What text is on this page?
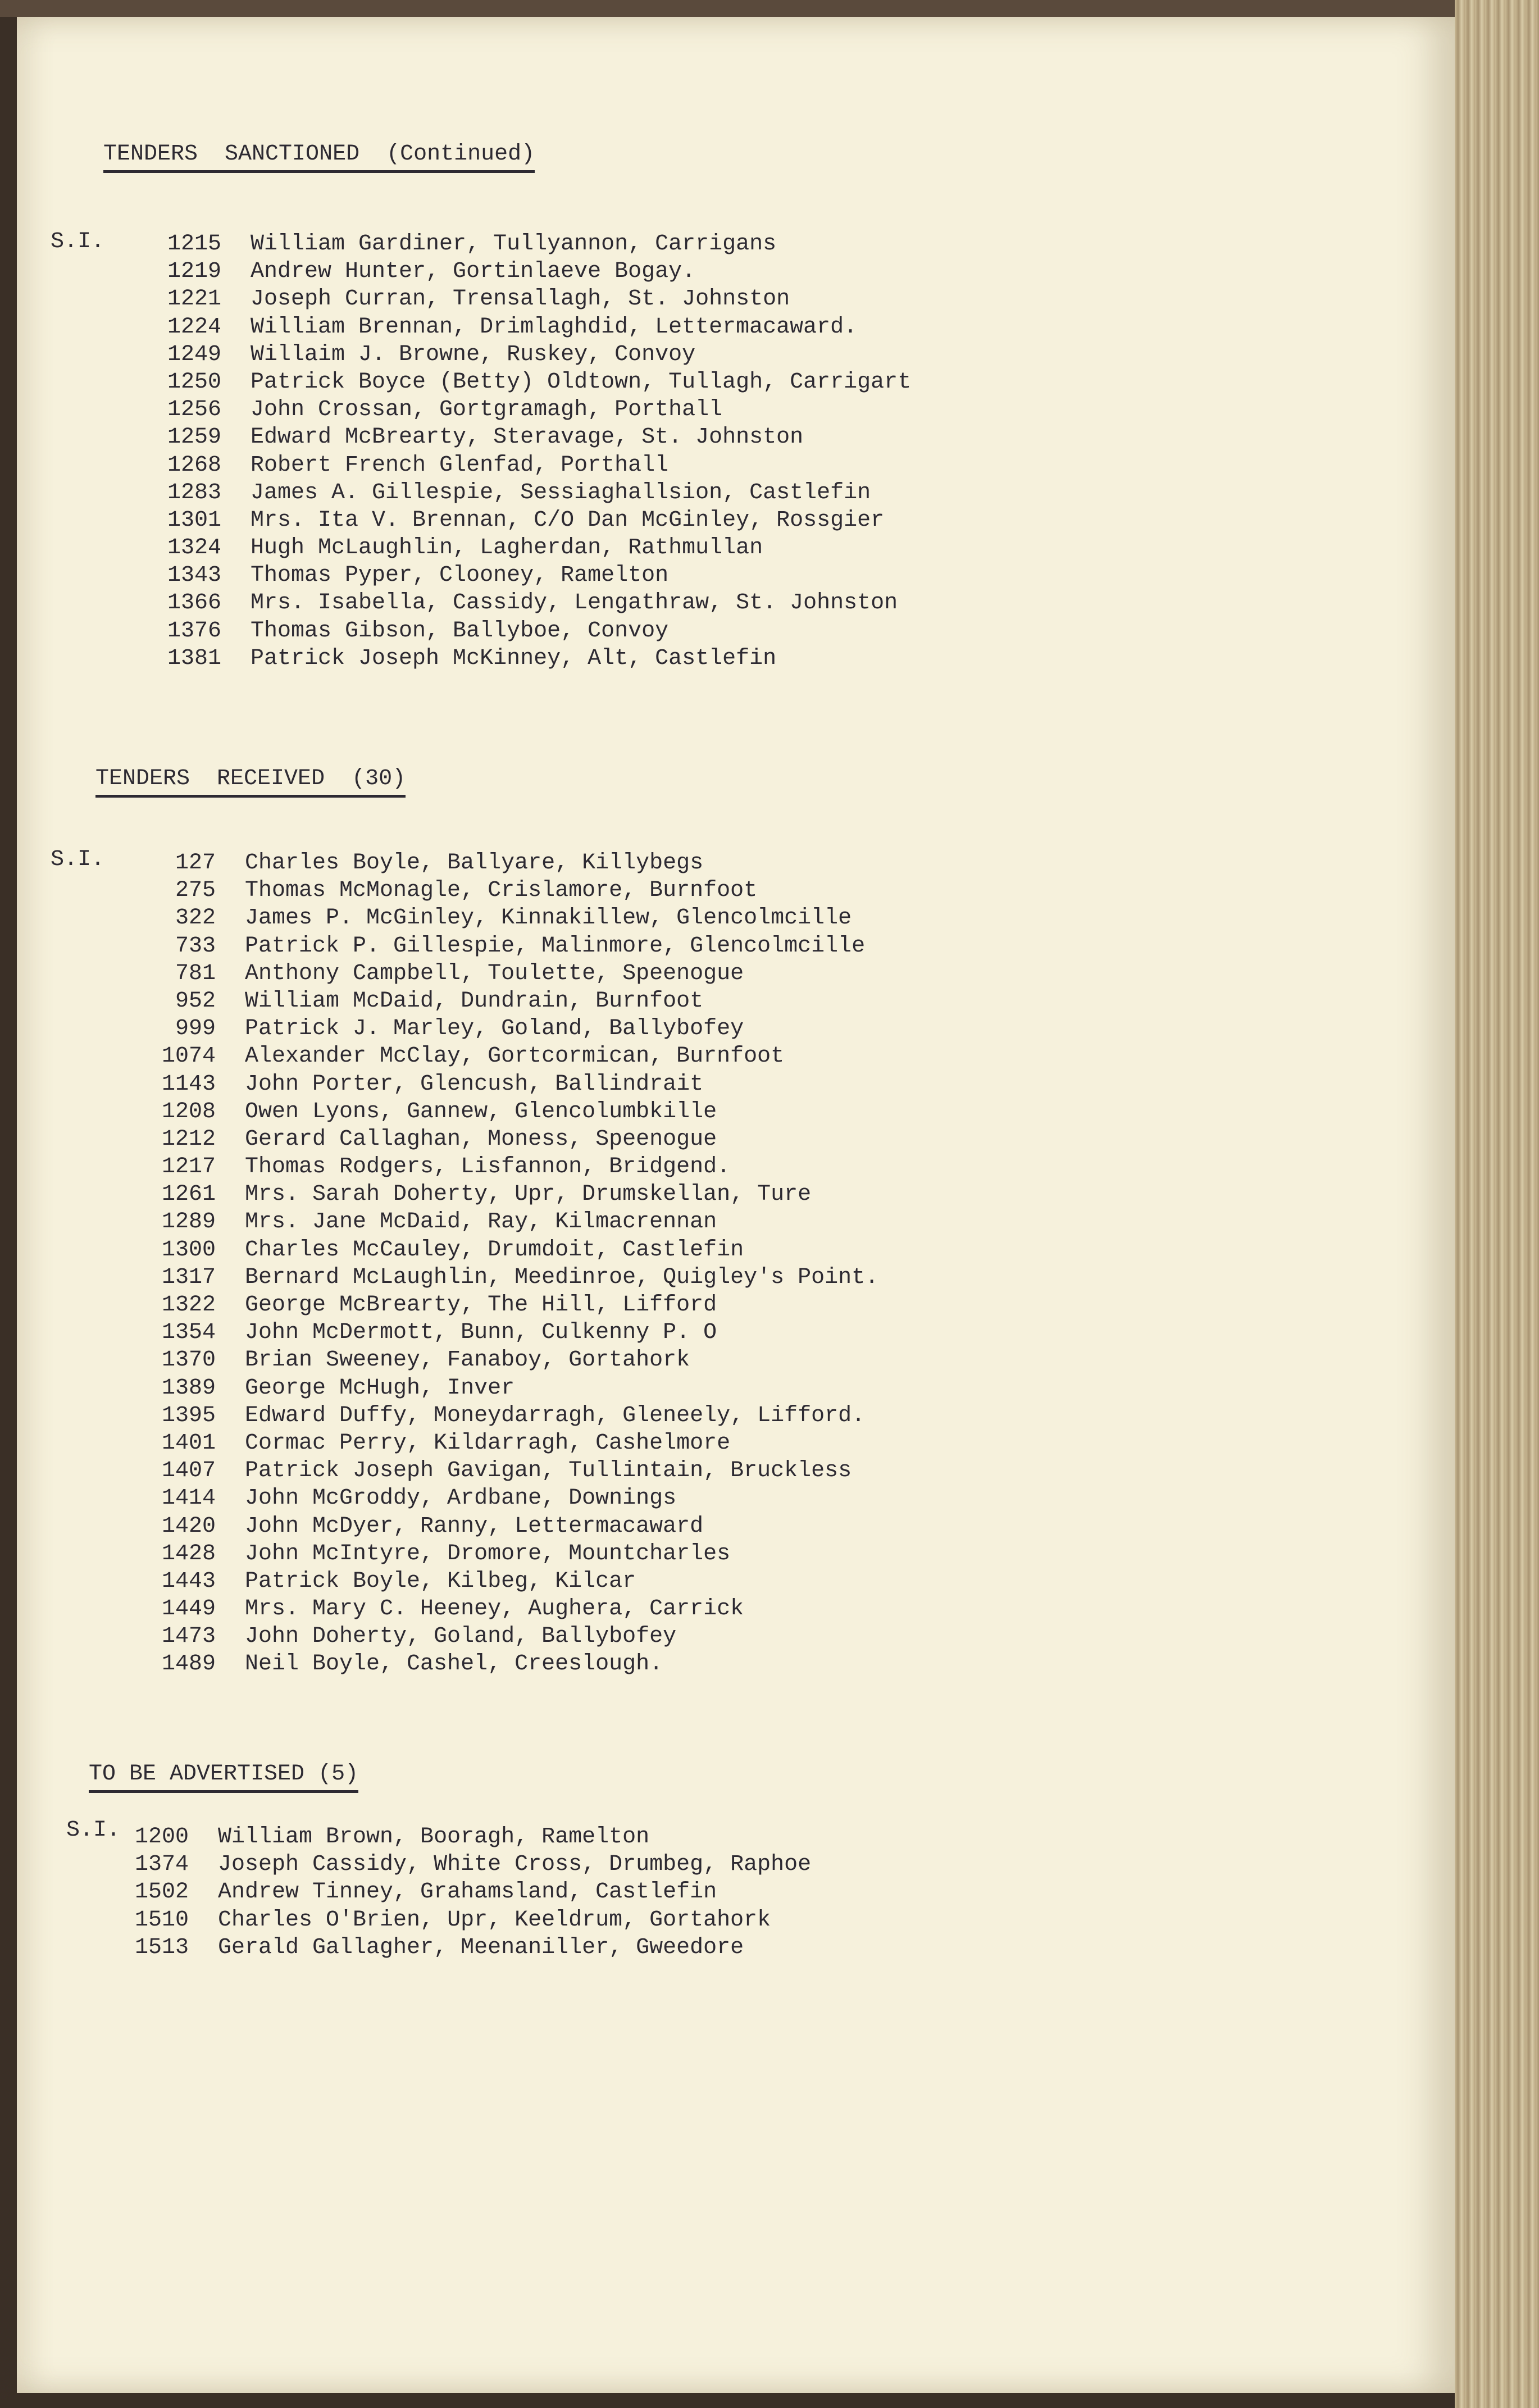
TENDERS  SANCTIONED  (Continued)
S.I.	1215	William Gardiner, Tullyannon, Carrigans
1219	Andrew Hunter, Gortinlaeve Bogay.
1221	Joseph Curran, Trensallagh, St. Johnston
1224	William Brennan, Drimlaghdid, Lettermacaward.
1249	Willaim J. Browne, Ruskey, Convoy
1250	Patrick Boyce (Betty) Oldtown, Tullagh, Carrigart
1256	John Crossan, Gortgramagh, Porthall
1259	Edward McBrearty, Steravage, St. Johnston
1268	Robert French Glenfad, Porthall
1283	James A. Gillespie, Sessiaghallsion, Castlefin
1301	Mrs. Ita V. Brennan, C/O Dan McGinley, Rossgier
1324	Hugh McLaughlin, Lagherdan, Rathmullan
1343	Thomas Pyper, Clooney, Ramelton
1366	Mrs. Isabella, Cassidy, Lengathraw, St. Johnston
1376	Thomas Gibson, Ballyboe, Convoy
1381	Patrick Joseph McKinney, Alt, Castlefin
TENDERS  RECEIVED  (30)
S.I.	127	Charles Boyle, Ballyare, Killybegs
275	Thomas McMonagle, Crislamore, Burnfoot
322	James P. McGinley, Kinnakillew, Glencolmcille
733	Patrick P. Gillespie, Malinmore, Glencolmcille
781	Anthony Campbell, Toulette, Speenogue
952	William McDaid, Dundrain, Burnfoot
999	Patrick J. Marley, Goland, Ballybofey
1074	Alexander McClay, Gortcormican, Burnfoot
1143	John Porter, Glencush, Ballindrait
1208	Owen Lyons, Gannew, Glencolumbkille
1212	Gerard Callaghan, Moness, Speenogue
1217	Thomas Rodgers, Lisfannon, Bridgend.
1261	Mrs. Sarah Doherty, Upr, Drumskellan, Ture
1289	Mrs. Jane McDaid, Ray, Kilmacrennan
1300	Charles McCauley, Drumdoit, Castlefin
1317	Bernard McLaughlin, Meedinroe, Quigley's Point.
1322	George McBrearty, The Hill, Lifford
1354	John McDermott, Bunn, Culkenny P. O
1370	Brian Sweeney, Fanaboy, Gortahork
1389	George McHugh, Inver
1395	Edward Duffy, Moneydarragh, Gleneely, Lifford.
1401	Cormac Perry, Kildarragh, Cashelmore
1407	Patrick Joseph Gavigan, Tullintain, Bruckless
1414	John McGroddy, Ardbane, Downings
1420	John McDyer, Ranny, Lettermacaward
1428	John McIntyre, Dromore, Mountcharles
1443	Patrick Boyle, Kilbeg, Kilcar
1449	Mrs. Mary C. Heeney, Aughera, Carrick
1473	John Doherty, Goland, Ballybofey
1489	Neil Boyle, Cashel, Creeslough.
TO BE ADVERTISED (5)
S.I. 1200	William Brown, Booragh, Ramelton
1374	Joseph Cassidy, White Cross, Drumbeg, Raphoe
1502	Andrew Tinney, Grahamsland, Castlefin
1510	Charles O'Brien, Upr, Keeldrum, Gortahork
1513	Gerald Gallagher, Meenaniller, Gweedore
